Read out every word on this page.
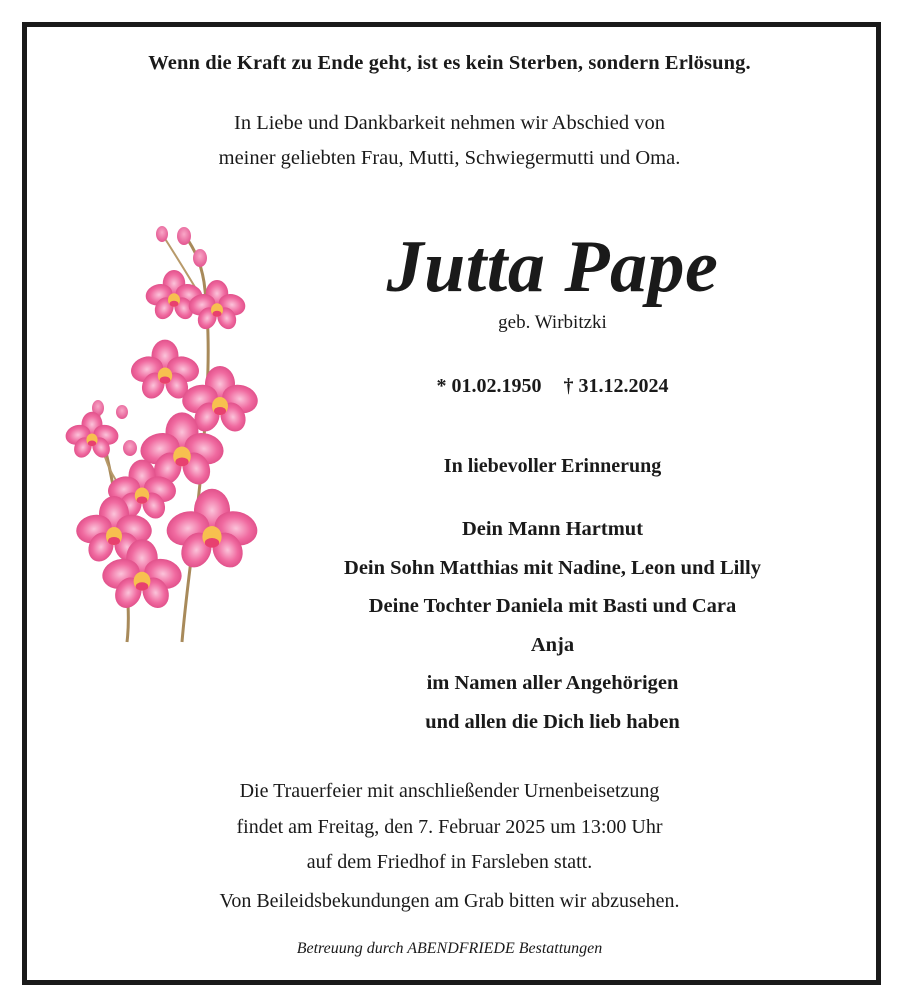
Wenn die Kraft zu Ende geht, ist es kein Sterben, sondern Erlösung.
In Liebe und Dankbarkeit nehmen wir Abschied von
meiner geliebten Frau, Mutti, Schwiegermutti und Oma.
Jutta Pape
geb. Wirbitzki
* 01.02.1950 † 31.12.2024
In liebevoller Erinnerung
Dein Mann Hartmut
Dein Sohn Matthias mit Nadine, Leon und Lilly
Deine Tochter Daniela mit Basti und Cara
Anja
im Namen aller Angehörigen
und allen die Dich lieb haben
Die Trauerfeier mit anschließender Urnenbeisetzung
findet am Freitag, den 7. Februar 2025 um 13:00 Uhr
auf dem Friedhof in Farsleben statt.
Von Beileidsbekundungen am Grab bitten wir abzusehen.
Betreuung durch ABENDFRIEDE Bestattungen
